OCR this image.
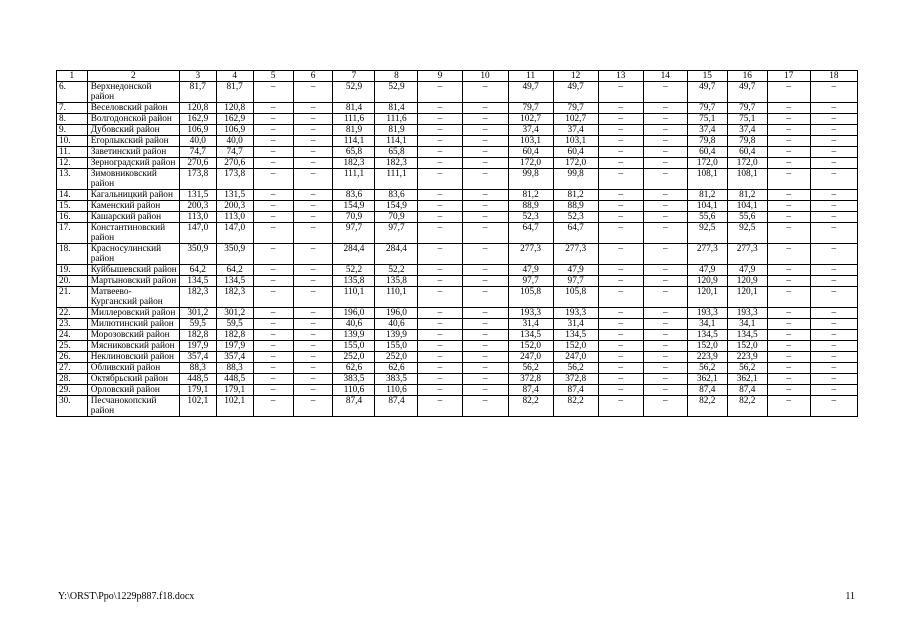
1	2	3	4	5	6	7	8	9	10	11	12	13	14	15	16	17	18
6.	Верхнедонской район	81,7	81,7	–	–	52,9	52,9	–	–	49,7	49,7	–	–	49,7	49,7	–	–
7.	Веселовский район	120,8	120,8	–	–	81,4	81,4	–	–	79,7	79,7	–	–	79,7	79,7	–	–
8.	Волгодонской район	162,9	162,9	–	–	111,6	111,6	–	–	102,7	102,7	–	–	75,1	75,1	–	–
9.	Дубовский район	106,9	106,9	–	–	81,9	81,9	–	–	37,4	37,4	–	–	37,4	37,4	–	–
10.	Егорлыкский район	40,0	40,0	–	–	114,1	114,1	–	–	103,1	103,1	–	–	79,8	79,8	–	–
11.	Заветинский район	74,7	74,7	–	–	65,8	65,8	–	–	60,4	60,4	–	–	60,4	60,4	–	–
12.	Зерноградский район	270,6	270,6	–	–	182,3	182,3	–	–	172,0	172,0	–	–	172,0	172,0	–	–
13.	Зимовниковский район	173,8	173,8	–	–	111,1	111,1	–	–	99,8	99,8	–	–	108,1	108,1	–	–
14.	Кагальницкий район	131,5	131,5	–	–	83,6	83,6	–	–	81,2	81,2	–	–	81,2	81,2	–	–
15.	Каменский район	200,3	200,3	–	–	154,9	154,9	–	–	88,9	88,9	–	–	104,1	104,1	–	–
16.	Кашарский район	113,0	113,0	–	–	70,9	70,9	–	–	52,3	52,3	–	–	55,6	55,6	–	–
17.	Константиновский район	147,0	147,0	–	–	97,7	97,7	–	–	64,7	64,7	–	–	92,5	92,5	–	–
18.	Красносулинский район	350,9	350,9	–	–	284,4	284,4	–	–	277,3	277,3	–	–	277,3	277,3	–	–
19.	Куйбышевский район	64,2	64,2	–	–	52,2	52,2	–	–	47,9	47,9	–	–	47,9	47,9	–	–
20.	Мартыновский район	134,5	134,5	–	–	135,8	135,8	–	–	97,7	97,7	–	–	120,9	120,9	–	–
21.	Матвеево-Курганский район	182,3	182,3	–	–	110,1	110,1	–	–	105,8	105,8	–	–	120,1	120,1	–	–
22.	Миллеровский район	301,2	301,2	–	–	196,0	196,0	–	–	193,3	193,3	–	–	193,3	193,3	–	–
23.	Милютинский район	59,5	59,5	–	–	40,6	40,6	–	–	31,4	31,4	–	–	34,1	34,1	–	–
24.	Морозовский район	182,8	182,8	–	–	139,9	139,9	–	–	134,5	134,5	–	–	134,5	134,5	–	–
25.	Мясниковский район	197,9	197,9	–	–	155,0	155,0	–	–	152,0	152,0	–	–	152,0	152,0	–	–
26.	Неклиновский район	357,4	357,4	–	–	252,0	252,0	–	–	247,0	247,0	–	–	223,9	223,9	–	–
27.	Обливский район	88,3	88,3	–	–	62,6	62,6	–	–	56,2	56,2	–	–	56,2	56,2	–	–
28.	Октябрьский район	448,5	448,5	–	–	383,5	383,5	–	–	372,8	372,8	–	–	362,1	362,1	–	–
29.	Орловский район	179,1	179,1	–	–	110,6	110,6	–	–	87,4	87,4	–	–	87,4	87,4	–	–
30.	Песчанокопский район	102,1	102,1	–	–	87,4	87,4	–	–	82,2	82,2	–	–	82,2	82,2	–	–
Y:\ORST\Ppo\1229p887.f18.docx	11
